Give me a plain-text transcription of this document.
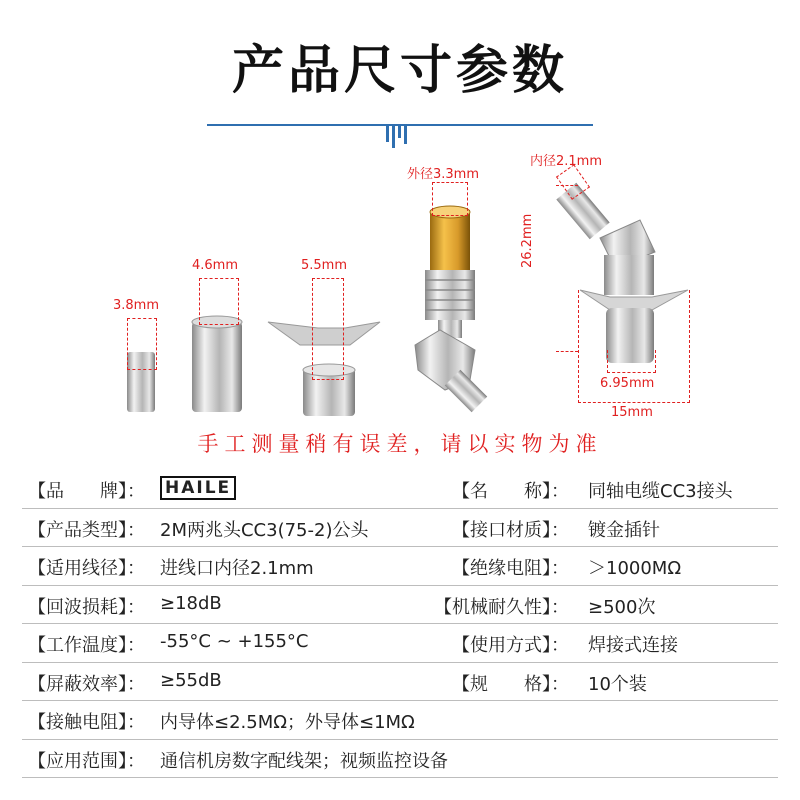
产品尺寸参数
3.8mm
4.6mm	5.5mm
外径3.3mm
内径2.1mm
26.2mm
6.95mm
15mm
手工测量稍有误差，请以实物为准
【品　　牌】： HAILE	【名　　称】： 同轴电缆CC3接头
【产品类型】： 2M两兆头CC3(75-2)公头	【接口材质】： 镀金插针
【适用线径】： 进线口内径2.1mm	【绝缘电阻】： ＞1000MΩ
【回波损耗】： ≥18dB	【机械耐久性】： ≥500次
【工作温度】： -55°C ~ +155°C	【使用方式】： 焊接式连接
【屏蔽效率】： ≥55dB	【规　　格】： 10个装
【接触电阻】： 内导体≤2.5MΩ；外导体≤1MΩ
【应用范围】： 通信机房数字配线架；视频监控设备
